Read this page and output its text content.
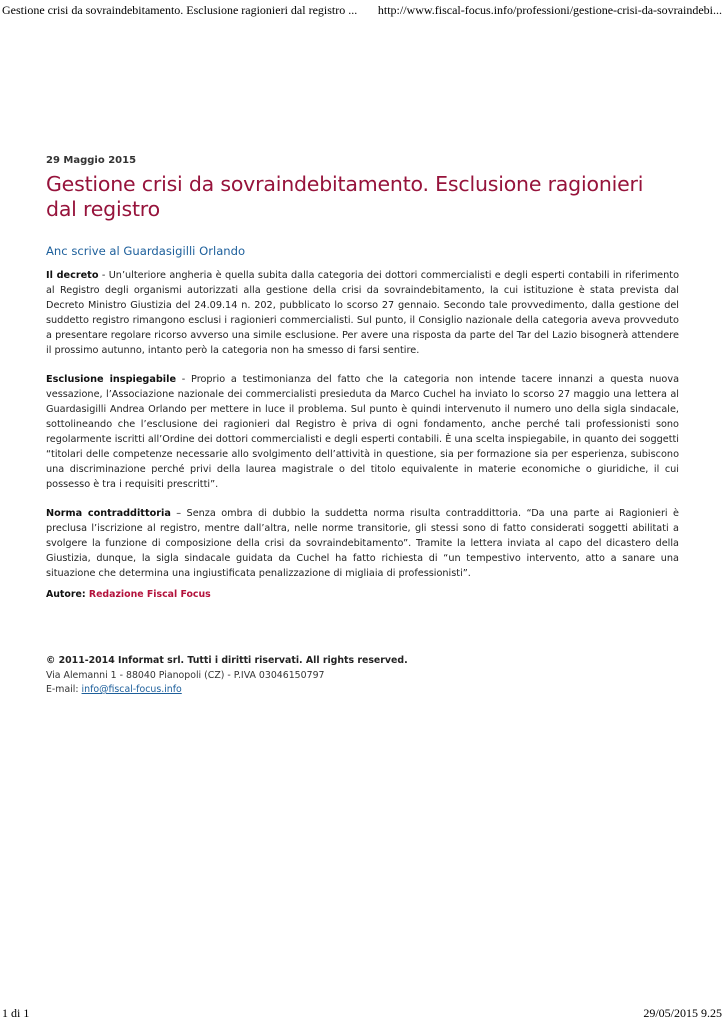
Gestione crisi da sovraindebitamento. Esclusione ragionieri dal registro ... http://www.fiscal-focus.info/professioni/gestione-crisi-da-sovraindebi...
29 Maggio 2015
Gestione crisi da sovraindebitamento. Esclusione ragionieri dal registro
Anc scrive al Guardasigilli Orlando

Il decreto - Un’ulteriore angheria è quella subita dalla categoria dei dottori commercialisti e degli esperti contabili in riferimento al Registro degli organismi autorizzati alla gestione della crisi da sovraindebitamento, la cui istituzione è stata prevista dal Decreto Ministro Giustizia del 24.09.14 n. 202, pubblicato lo scorso 27 gennaio. Secondo tale provvedimento, dalla gestione del suddetto registro rimangono esclusi i ragionieri commercialisti. Sul punto, il Consiglio nazionale della categoria aveva provveduto a presentare regolare ricorso avverso una simile esclusione. Per avere una risposta da parte del Tar del Lazio bisognerà attendere il prossimo autunno, intanto però la categoria non ha smesso di farsi sentire.

Esclusione inspiegabile - Proprio a testimonianza del fatto che la categoria non intende tacere innanzi a questa nuova vessazione, l’Associazione nazionale dei commercialisti presieduta da Marco Cuchel ha inviato lo scorso 27 maggio una lettera al Guardasigilli Andrea Orlando per mettere in luce il problema. Sul punto è quindi intervenuto il numero uno della sigla sindacale, sottolineando che l’esclusione dei ragionieri dal Registro è priva di ogni fondamento, anche perché tali professionisti sono regolarmente iscritti all’Ordine dei dottori commercialisti e degli esperti contabili. È una scelta inspiegabile, in quanto dei soggetti “titolari delle competenze necessarie allo svolgimento dell’attività in questione, sia per formazione sia per esperienza, subiscono una discriminazione perché privi della laurea magistrale o del titolo equivalente in materie economiche o giuridiche, il cui possesso è tra i requisiti prescritti”.

Norma contraddittoria – Senza ombra di dubbio la suddetta norma risulta contraddittoria. “Da una parte ai Ragionieri è preclusa l’iscrizione al registro, mentre dall’altra, nelle norme transitorie, gli stessi sono di fatto considerati soggetti abilitati a svolgere la funzione di composizione della crisi da sovraindebitamento”. Tramite la lettera inviata al capo del dicastero della Giustizia, dunque, la sigla sindacale guidata da Cuchel ha fatto richiesta di “un tempestivo intervento, atto a sanare una situazione che determina una ingiustificata penalizzazione di migliaia di professionisti”.

Autore: Redazione Fiscal Focus
© 2011-2014 Informat srl. Tutti i diritti riservati. All rights reserved.
Via Alemanni 1 - 88040 Pianopoli (CZ) - P.IVA 03046150797
E-mail: info@fiscal-focus.info
1 di 1	29/05/2015 9.25
